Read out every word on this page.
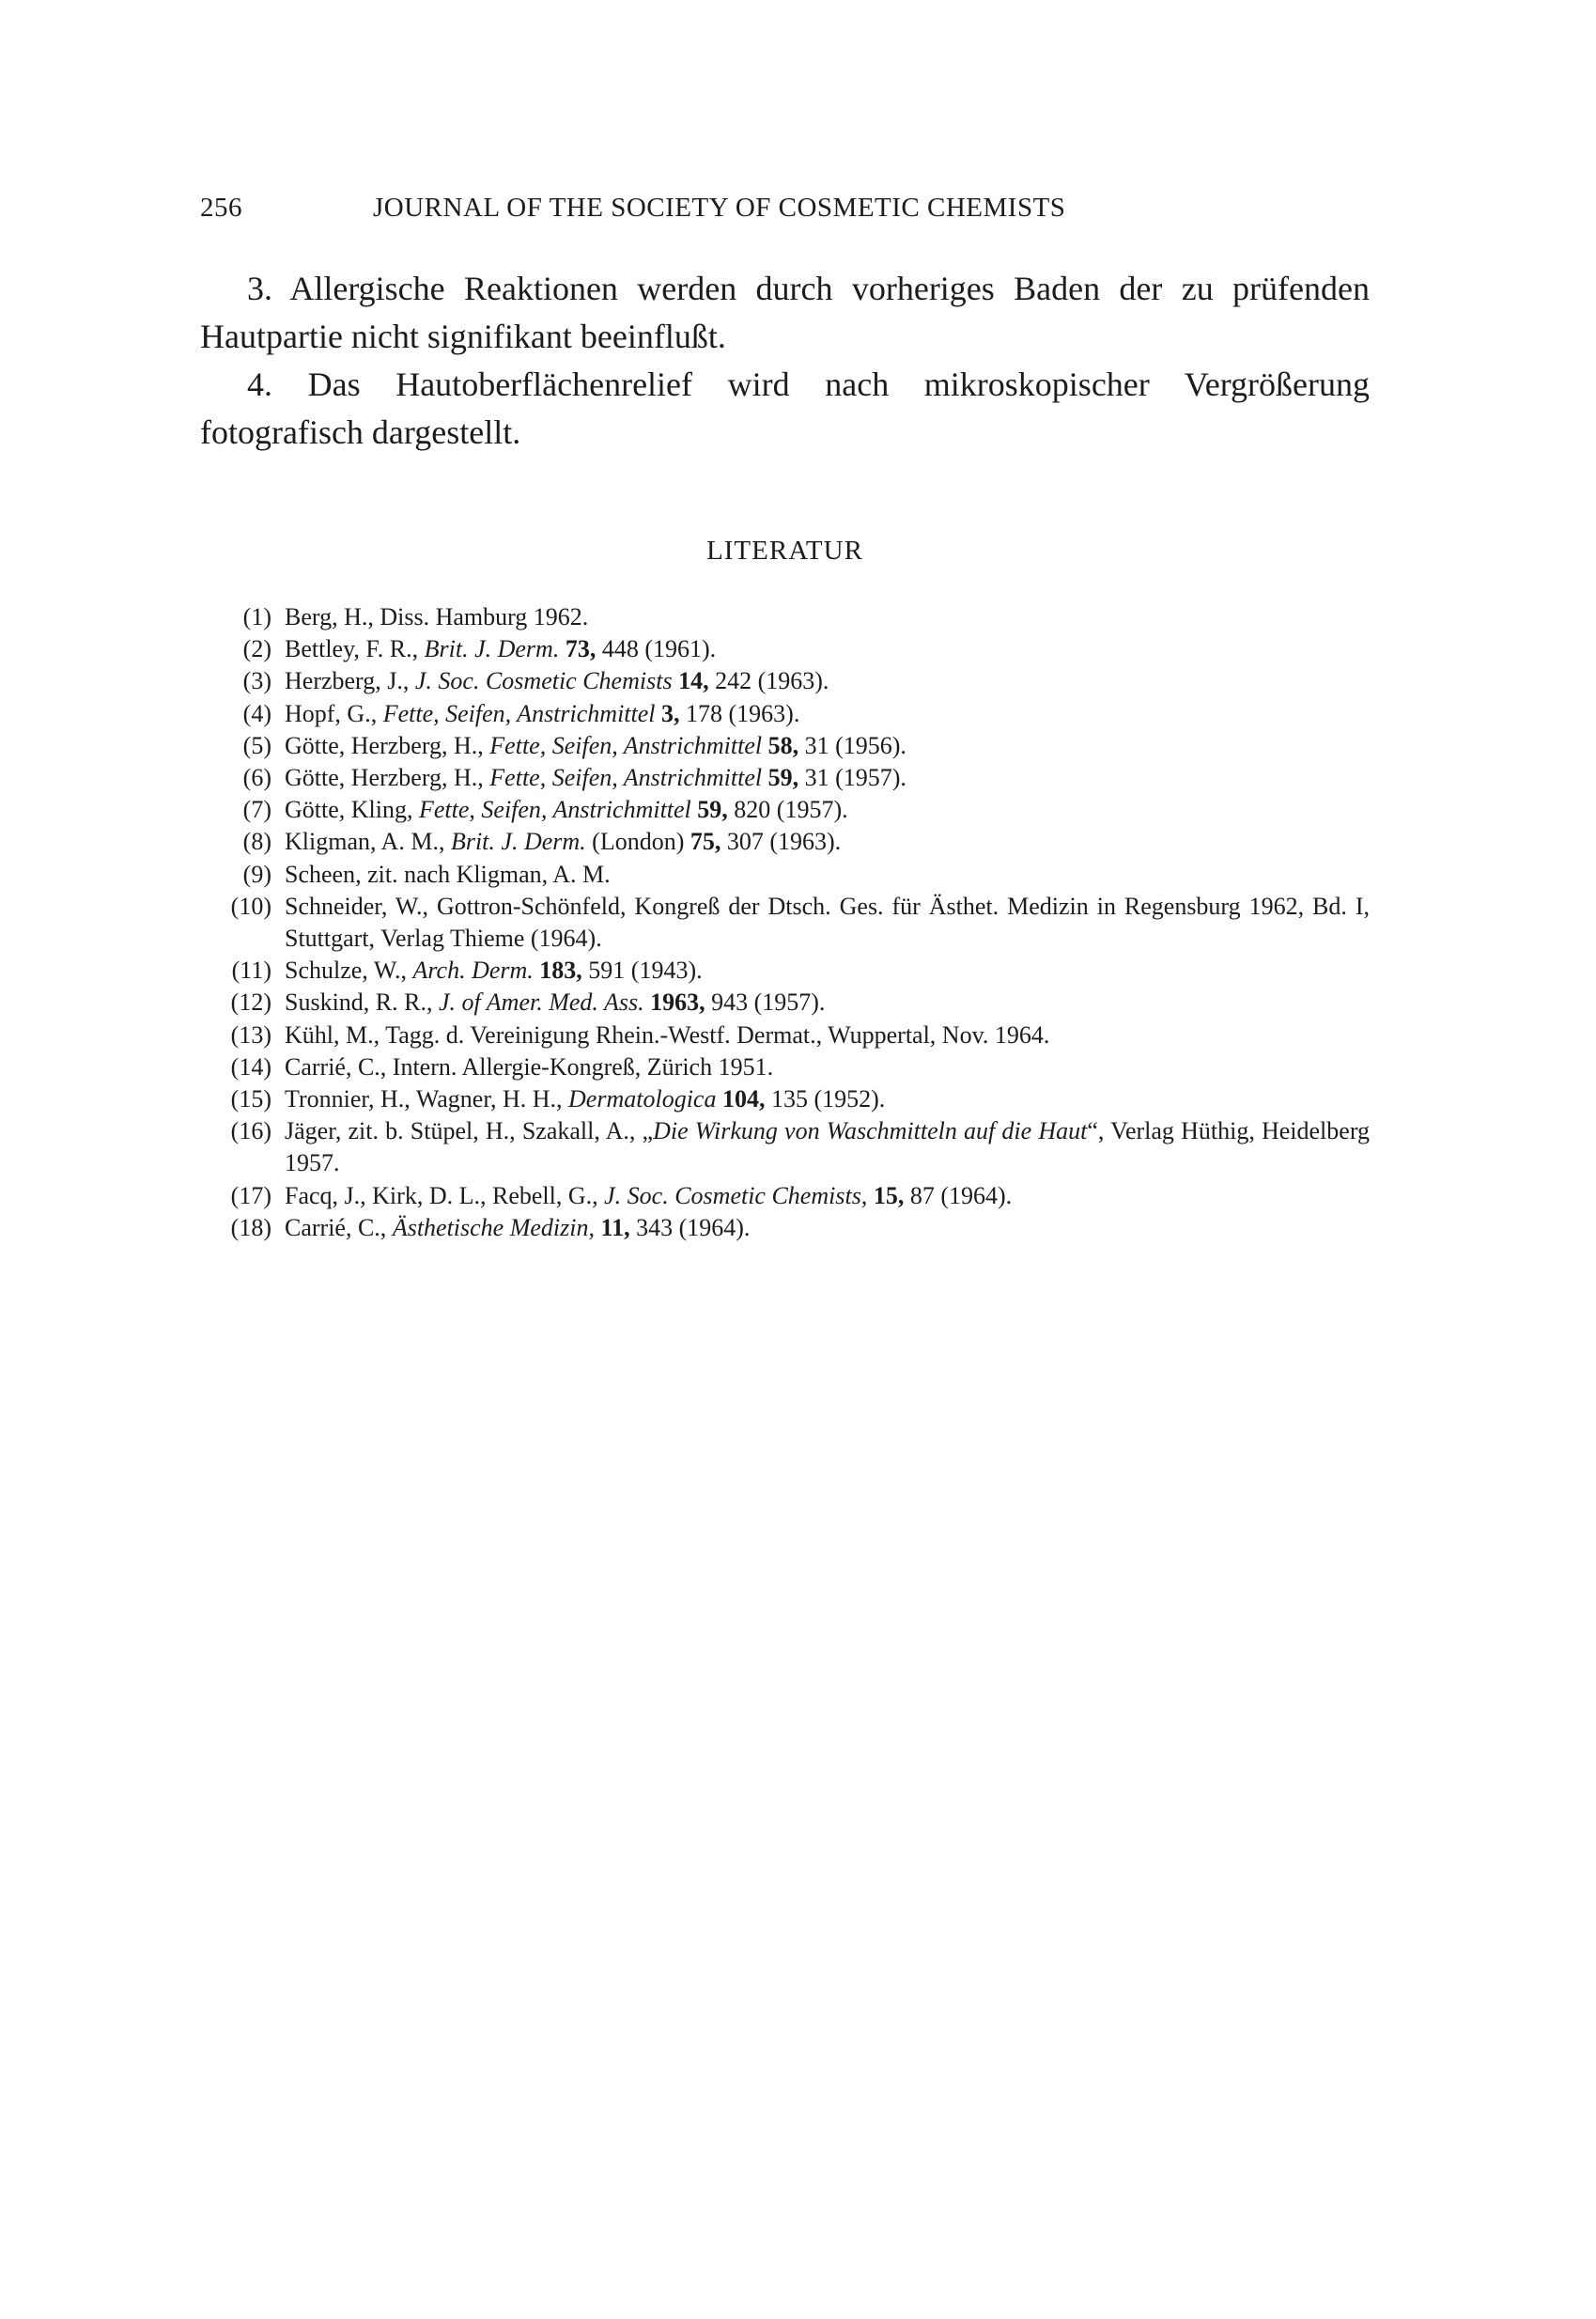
256	JOURNAL OF THE SOCIETY OF COSMETIC CHEMISTS

3. Allergische Reaktionen werden durch vorheriges Baden der zu prüfenden Hautpartie nicht signifikant beeinflußt.

4. Das Hautoberflächenrelief wird nach mikroskopischer Vergrößerung fotografisch dargestellt.

LITERATUR
(1) Berg, H., Diss. Hamburg 1962.
(2) Bettley, F. R., Brit. J. Derm. 73, 448 (1961).
(3) Herzberg, J., J. Soc. Cosmetic Chemists 14, 242 (1963).
(4) Hopf, G., Fette, Seifen, Anstrichmittel 3, 178 (1963).
(5) Götte, Herzberg, H., Fette, Seifen, Anstrichmittel 58, 31 (1956).
(6) Götte, Herzberg, H., Fette, Seifen, Anstrichmittel 59, 31 (1957).
(7) Götte, Kling, Fette, Seifen, Anstrichmittel 59, 820 (1957).
(8) Kligman, A. M., Brit. J. Derm. (London) 75, 307 (1963).
(9) Scheen, zit. nach Kligman, A. M.
(10) Schneider, W., Gottron-Schönfeld, Kongreß der Dtsch. Ges. für Ästhet. Medizin in Regensburg 1962, Bd. I, Stuttgart, Verlag Thieme (1964).
(11) Schulze, W., Arch. Derm. 183, 591 (1943).
(12) Suskind, R. R., J. of Amer. Med. Ass. 1963, 943 (1957).
(13) Kühl, M., Tagg. d. Vereinigung Rhein.-Westf. Dermat., Wuppertal, Nov. 1964.
(14) Carrié, C., Intern. Allergie-Kongreß, Zürich 1951.
(15) Tronnier, H., Wagner, H. H., Dermatologica 104, 135 (1952).
(16) Jäger, zit. b. Stüpel, H., Szakall, A., „Die Wirkung von Waschmitteln auf die Haut“, Verlag Hüthig, Heidelberg 1957.
(17) Facq, J., Kirk, D. L., Rebell, G., J. Soc. Cosmetic Chemists, 15, 87 (1964).
(18) Carrié, C., Ästhetische Medizin, 11, 343 (1964).
